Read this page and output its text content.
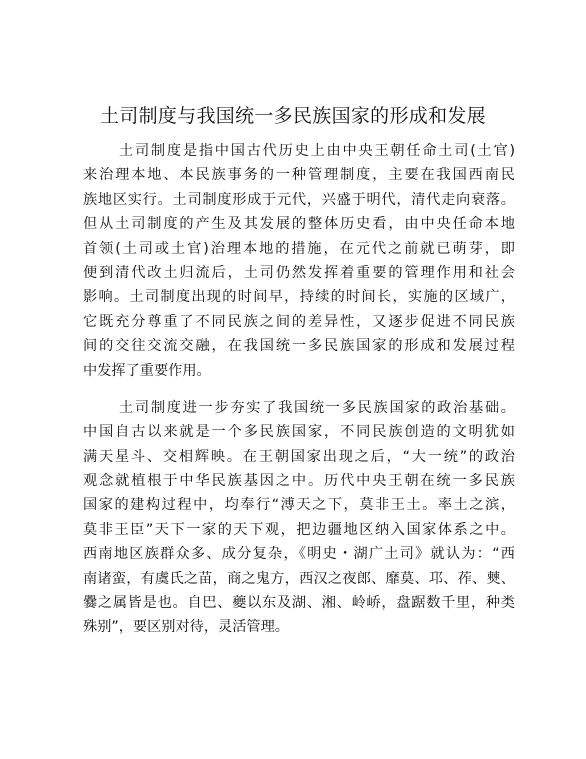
土司制度与我国统一多民族国家的形成和发展
土司制度是指中国古代历史上由中央王朝任命土司(土官)
来治理本地、本民族事务的一种管理制度，主要在我国西南民
族地区实行。土司制度形成于元代，兴盛于明代，清代走向衰落。
但从土司制度的产生及其发展的整体历史看，由中央任命本地
首领(土司或土官)治理本地的措施，在元代之前就已萌芽，即
便到清代改土归流后，土司仍然发挥着重要的管理作用和社会
影响。土司制度出现的时间早，持续的时间长，实施的区域广，
它既充分尊重了不同民族之间的差异性，又逐步促进不同民族
间的交往交流交融，在我国统一多民族国家的形成和发展过程
中发挥了重要作用。
土司制度进一步夯实了我国统一多民族国家的政治基础。
中国自古以来就是一个多民族国家，不同民族创造的文明犹如
满天星斗、交相辉映。在王朝国家出现之后，“大一统”的政治
观念就植根于中华民族基因之中。历代中央王朝在统一多民族
国家的建构过程中，均奉行“溥天之下，莫非王土。率土之滨，
莫非王臣”天下一家的天下观，把边疆地区纳入国家体系之中。
西南地区族群众多、成分复杂，《明史・湖广土司》就认为：“西
南诸蛮，有虞氏之苗，商之鬼方，西汉之夜郎、靡莫、邛、莋、僰、
爨之属皆是也。自巴、夔以东及湖、湘、岭峤，盘踞数千里，种类
殊别”，要区别对待，灵活管理。
